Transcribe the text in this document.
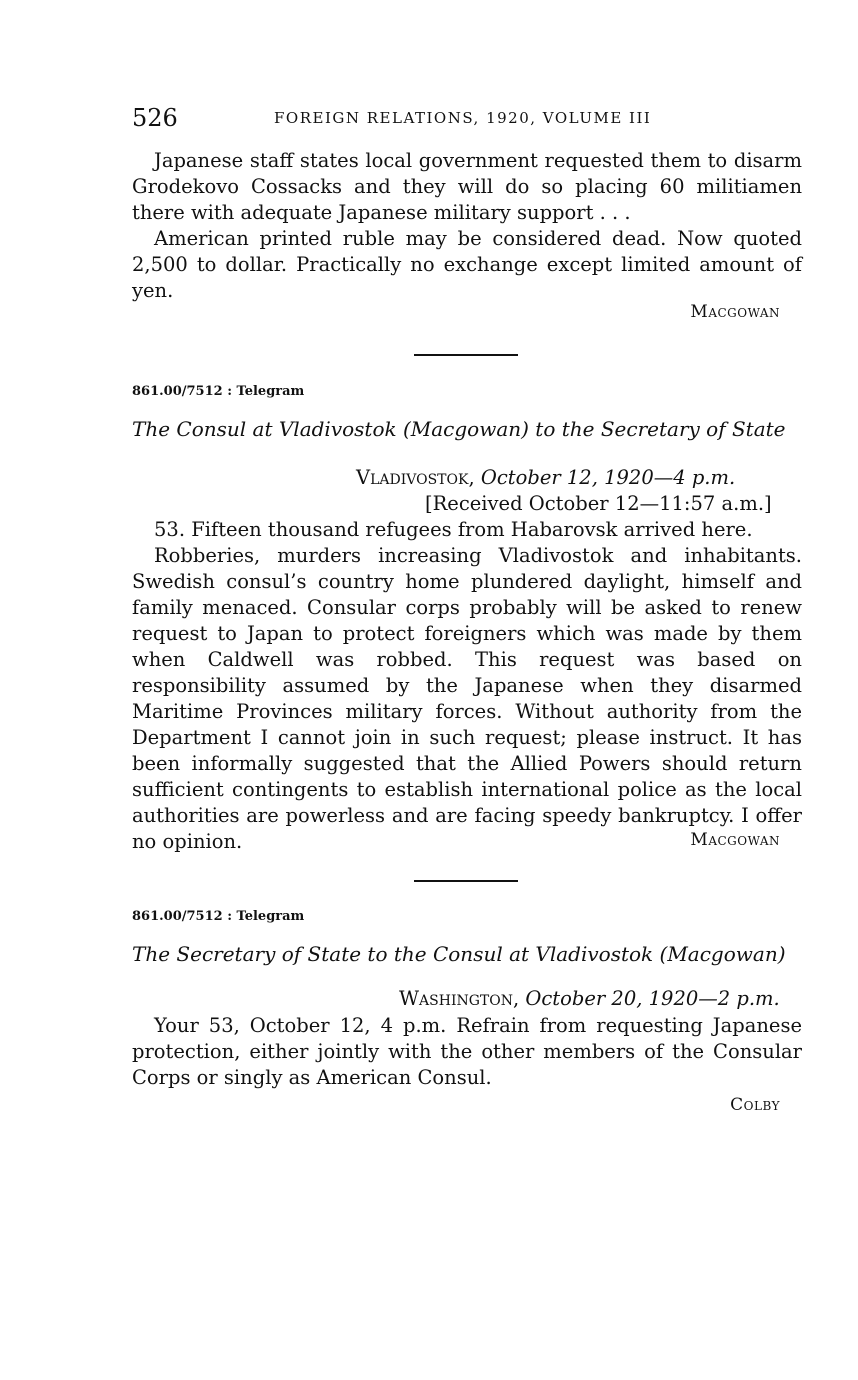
526	FOREIGN RELATIONS, 1920, VOLUME III

Japanese staff states local government requested them to disarm Grodekovo Cossacks and they will do so placing 60 militiamen there with adequate Japanese military support . . .

American printed ruble may be considered dead. Now quoted 2,500 to dollar. Practically no exchange except limited amount of yen.

Macgowan
861.00/7512 : Telegram
The Consul at Vladivostok (Macgowan) to the Secretary of State
Vladivostok, October 12, 1920—4 p.m.
[Received October 12—11:57 a.m.]

53. Fifteen thousand refugees from Habarovsk arrived here.

Robberies, murders increasing Vladivostok and inhabitants. Swedish consul’s country home plundered daylight, himself and family menaced. Consular corps probably will be asked to renew request to Japan to protect foreigners which was made by them when Caldwell was robbed. This request was based on responsibility assumed by the Japanese when they disarmed Maritime Provinces military forces. Without authority from the Department I cannot join in such request; please instruct. It has been informally suggested that the Allied Powers should return sufficient contingents to establish international police as the local authorities are powerless and are facing speedy bankruptcy. I offer no opinion.	Macgowan
861.00/7512 : Telegram
The Secretary of State to the Consul at Vladivostok (Macgowan)
Washington, October 20, 1920—2 p.m.

Your 53, October 12, 4 p.m. Refrain from requesting Japanese protection, either jointly with the other members of the Consular Corps or singly as American Consul.

Colby
